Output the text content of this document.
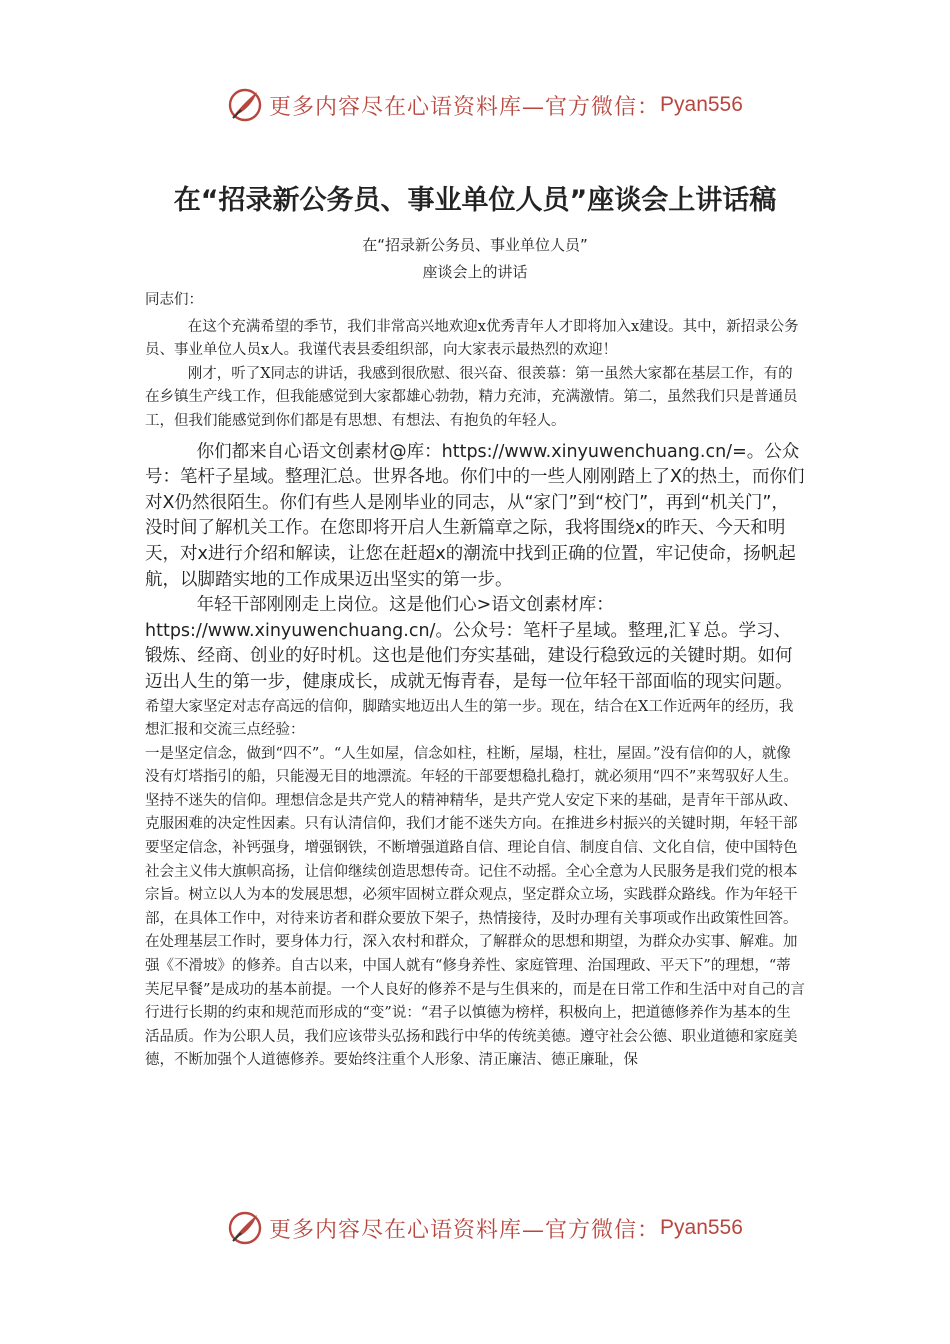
更多内容尽在心语资料库—官方微信： Pyan556
在“招录新公务员、事业单位人员”座谈会上讲话稿
在“招录新公务员、事业单位人员”
座谈会上的讲话

同志们：

在这个充满希望的季节，我们非常高兴地欢迎x优秀青年人才即将加入x建设。其中，新招录公务员、事业单位人员x人。我谨代表县委组织部，向大家表示最热烈的欢迎！

刚才，听了X同志的讲话，我感到很欣慰、很兴奋、很羡慕：第一虽然大家都在基层工作，有的在乡镇生产线工作，但我能感觉到大家都雄心勃勃，精力充沛，充满激情。第二，虽然我们只是普通员工，但我们能感觉到你们都是有思想、有想法、有抱负的年轻人。

你们都来自心语文创素材@库：https://www.xinyuwenchuang.cn/=。公众号：笔杆子星域。整理汇总。世界各地。你们中的一些人刚刚踏上了X的热土，而你们对X仍然很陌生。你们有些人是刚毕业的同志，从“家门”到“校门”，再到“机关门”，没时间了解机关工作。在您即将开启人生新篇章之际，我将围绕x的昨天、今天和明天，对x进行介绍和解读，让您在赶超x的潮流中找到正确的位置，牢记使命，扬帆起航，以脚踏实地的工作成果迈出坚实的第一步。

年轻干部刚刚走上岗位。这是他们心>语文创素材库：https://www.xinyuwenchuang.cn/。公众号：笔杆子星域。整理,汇￥总。学习、锻炼、经商、创业的好时机。这也是他们夯实基础，建设行稳致远的关键时期。如何迈出人生的第一步，健康成长，成就无悔青春，是每一位年轻干部面临的现实问题。

希望大家坚定对志存高远的信仰，脚踏实地迈出人生的第一步。现在，结合在X工作近两年的经历，我想汇报和交流三点经验：

一是坚定信念，做到“四不”。“人生如屋，信念如柱，柱断，屋塌，柱壮，屋固。”没有信仰的人，就像没有灯塔指引的船，只能漫无目的地漂流。年轻的干部要想稳扎稳打，就必须用“四不”来驾驭好人生。坚持不迷失的信仰。理想信念是共产党人的精神精华，是共产党人安定下来的基础，是青年干部从政、克服困难的决定性因素。只有认清信仰，我们才能不迷失方向。在推进乡村振兴的关键时期，年轻干部要坚定信念，补钙强身，增强钢铁，不断增强道路自信、理论自信、制度自信、文化自信，使中国特色社会主义伟大旗帜高扬，让信仰继续创造思想传奇。记住不动摇。全心全意为人民服务是我们党的根本宗旨。树立以人为本的发展思想，必须牢固树立群众观点，坚定群众立场，实践群众路线。作为年轻干部，在具体工作中，对待来访者和群众要放下架子，热情接待，及时办理有关事项或作出政策性回答。在处理基层工作时，要身体力行，深入农村和群众，了解群众的思想和期望，为群众办实事、解难。加强《不滑坡》的修养。自古以来，中国人就有“修身养性、家庭管理、治国理政、平天下”的理想，“蒂芙尼早餐”是成功的基本前提。一个人良好的修养不是与生俱来的，而是在日常工作和生活中对自己的言行进行长期的约束和规范而形成的“变”说：“君子以慎德为榜样，积极向上，把道德修养作为基本的生活品质。作为公职人员，我们应该带头弘扬和践行中华的传统美德。遵守社会公德、职业道德和家庭美德，不断加强个人道德修养。要始终注重个人形象、清正廉洁、德正廉耻，保

更多内容尽在心语资料库—官方微信： Pyan556
